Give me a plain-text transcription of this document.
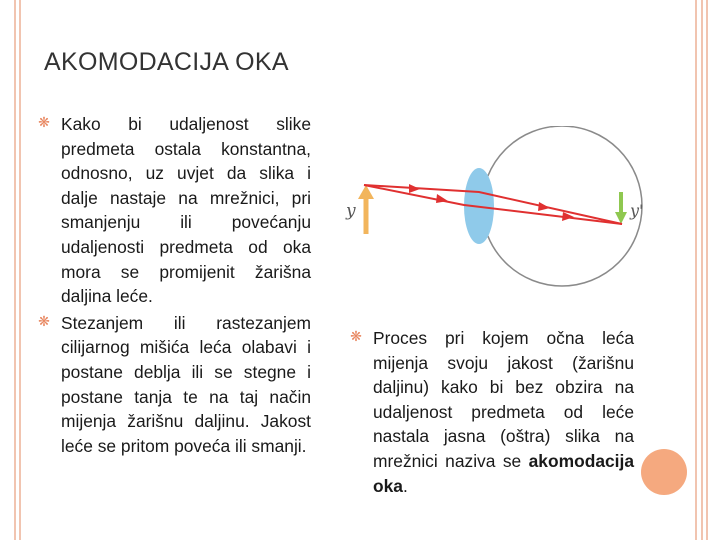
AKOMODACIJA OKA
❋ Kako bi udaljenost slike predmeta ostala konstantna, odnosno, uz uvjet da slika i dalje nastaje na mrežnici, pri smanjenju ili povećanju udaljenosti predmeta od oka mora se promijenit žarišna daljina leće.
❋ Stezanjem ili rastezanjem cilijarnog mišića leća olabavi i postane deblja ili se stegne i postane tanja te na taj način mijenja žarišnu daljinu. Jakost leće se pritom poveća ili smanji.
y	y'
❋ Proces pri kojem očna leća mijenja svoju jakost (žarišnu daljinu) kako bi bez obzira na udaljenost predmeta od leće nastala jasna (oštra) slika na mrežnici naziva se akomodacija oka.
